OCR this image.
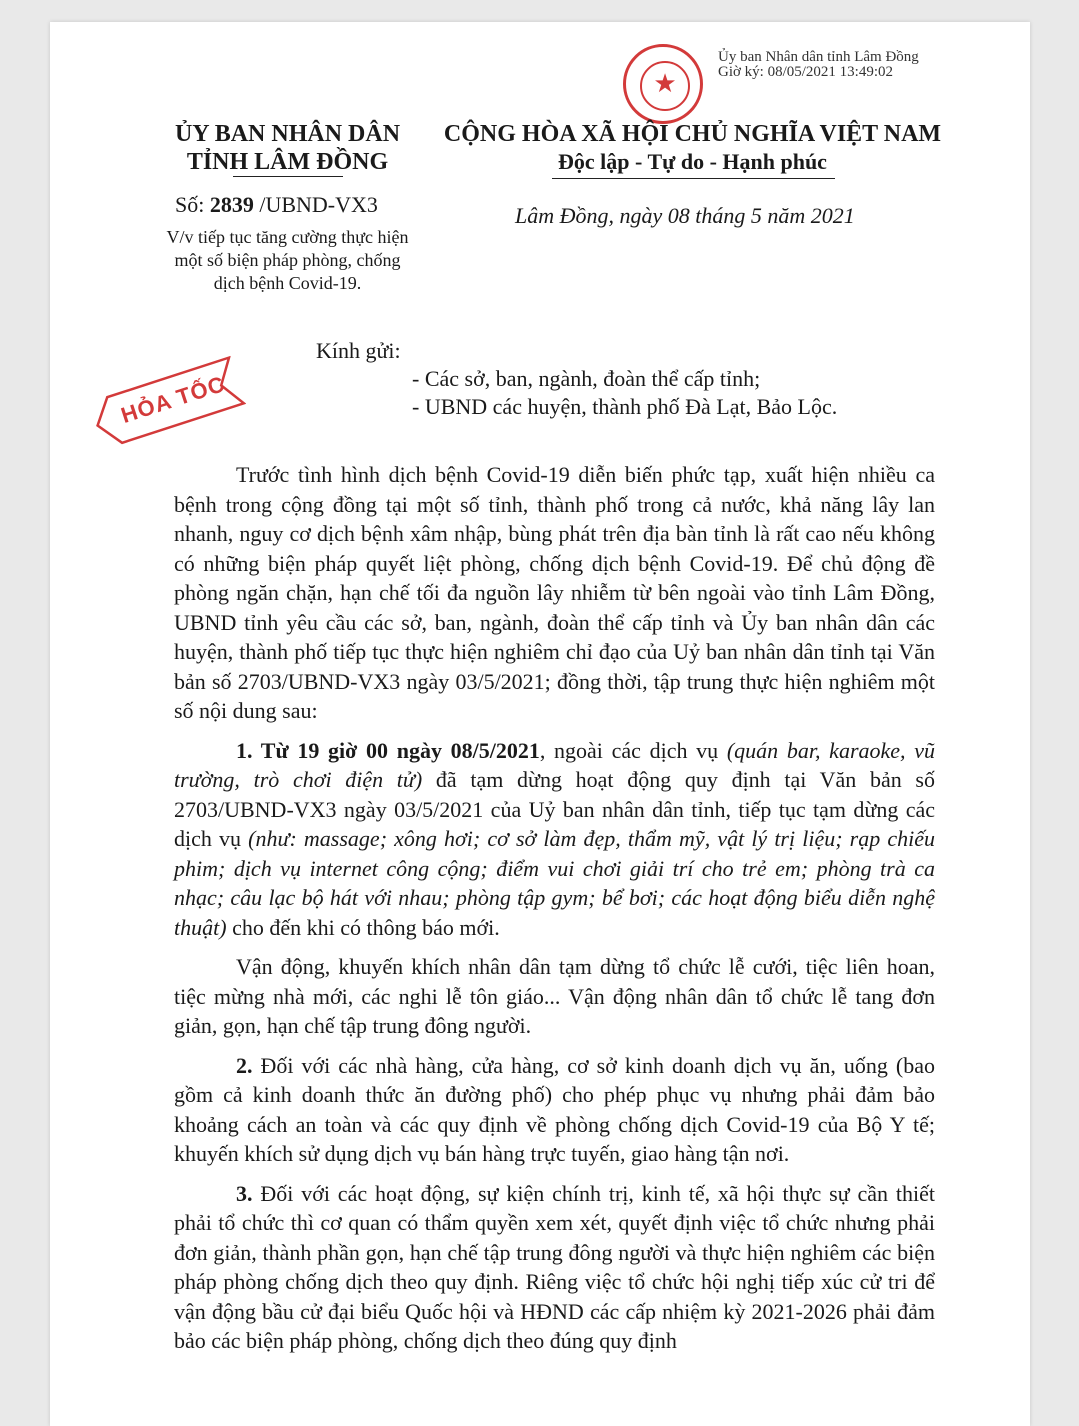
★
Ủy ban Nhân dân tỉnh Lâm Đồng
Giờ ký: 08/05/2021 13:49:02
ỦY BAN NHÂN DÂN
TỈNH LÂM ĐỒNG
CỘNG HÒA XÃ HỘI CHỦ NGHĨA VIỆT NAM
Độc lập - Tự do - Hạnh phúc
Số: 2839 /UBND-VX3	Lâm Đồng, ngày 08 tháng 5 năm 2021
V/v tiếp tục tăng cường thực hiện một số biện pháp phòng, chống dịch bệnh Covid-19.
HỎA TỐC
Kính gửi:
- Các sở, ban, ngành, đoàn thể cấp tỉnh;
- UBND các huyện, thành phố Đà Lạt, Bảo Lộc.

Trước tình hình dịch bệnh Covid-19 diễn biến phức tạp, xuất hiện nhiều ca bệnh trong cộng đồng tại một số tỉnh, thành phố trong cả nước, khả năng lây lan nhanh, nguy cơ dịch bệnh xâm nhập, bùng phát trên địa bàn tỉnh là rất cao nếu không có những biện pháp quyết liệt phòng, chống dịch bệnh Covid-19. Để chủ động đề phòng ngăn chặn, hạn chế tối đa nguồn lây nhiễm từ bên ngoài vào tỉnh Lâm Đồng, UBND tỉnh yêu cầu các sở, ban, ngành, đoàn thể cấp tỉnh và Ủy ban nhân dân các huyện, thành phố tiếp tục thực hiện nghiêm chỉ đạo của Uỷ ban nhân dân tỉnh tại Văn bản số 2703/UBND-VX3 ngày 03/5/2021; đồng thời, tập trung thực hiện nghiêm một số nội dung sau:

1. Từ 19 giờ 00 ngày 08/5/2021, ngoài các dịch vụ (quán bar, karaoke, vũ trường, trò chơi điện tử) đã tạm dừng hoạt động quy định tại Văn bản số 2703/UBND-VX3 ngày 03/5/2021 của Uỷ ban nhân dân tỉnh, tiếp tục tạm dừng các dịch vụ (như: massage; xông hơi; cơ sở làm đẹp, thẩm mỹ, vật lý trị liệu; rạp chiếu phim; dịch vụ internet công cộng; điểm vui chơi giải trí cho trẻ em; phòng trà ca nhạc; câu lạc bộ hát với nhau; phòng tập gym; bể bơi; các hoạt động biểu diễn nghệ thuật) cho đến khi có thông báo mới.

Vận động, khuyến khích nhân dân tạm dừng tổ chức lễ cưới, tiệc liên hoan, tiệc mừng nhà mới, các nghi lễ tôn giáo... Vận động nhân dân tổ chức lễ tang đơn giản, gọn, hạn chế tập trung đông người.

2. Đối với các nhà hàng, cửa hàng, cơ sở kinh doanh dịch vụ ăn, uống (bao gồm cả kinh doanh thức ăn đường phố) cho phép phục vụ nhưng phải đảm bảo khoảng cách an toàn và các quy định về phòng chống dịch Covid-19 của Bộ Y tế; khuyến khích sử dụng dịch vụ bán hàng trực tuyến, giao hàng tận nơi.

3. Đối với các hoạt động, sự kiện chính trị, kinh tế, xã hội thực sự cần thiết phải tổ chức thì cơ quan có thẩm quyền xem xét, quyết định việc tổ chức nhưng phải đơn giản, thành phần gọn, hạn chế tập trung đông người và thực hiện nghiêm các biện pháp phòng chống dịch theo quy định. Riêng việc tổ chức hội nghị tiếp xúc cử tri để vận động bầu cử đại biểu Quốc hội và HĐND các cấp nhiệm kỳ 2021-2026 phải đảm bảo các biện pháp phòng, chống dịch theo đúng quy định
